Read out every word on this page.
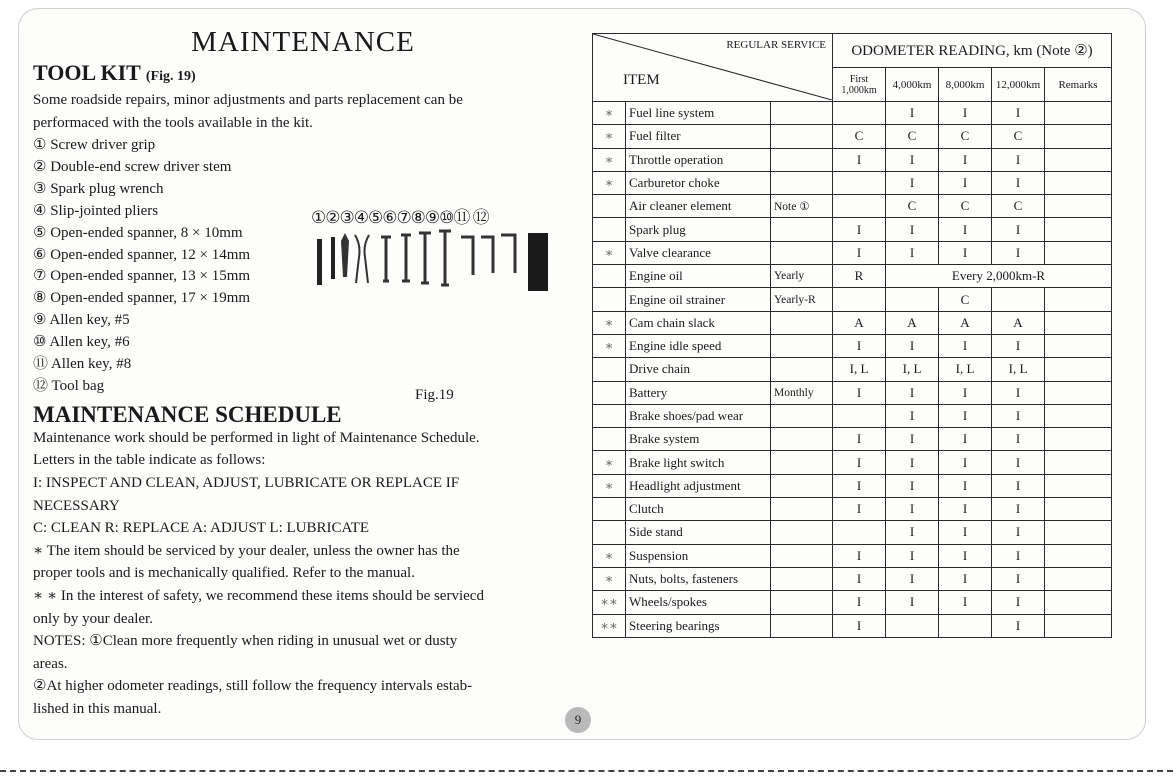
MAINTENANCE
TOOL KIT (Fig. 19)
Some roadside repairs, minor adjustments and parts replacement can be
performaced with the tools available in the kit.
①②③④⑤⑥⑦⑧⑨⑩⑪ ⑫
Fig.19
① Screw driver grip
② Double-end screw driver stem
③ Spark plug wrench
④ Slip-jointed pliers
⑤ Open-ended spanner, 8 × 10mm
⑥ Open-ended spanner, 12 × 14mm
⑦ Open-ended spanner, 13 × 15mm
⑧ Open-ended spanner, 17 × 19mm
⑨ Allen key, #5
⑩ Allen key, #6
⑪ Allen key, #8
⑫ Tool bag
MAINTENANCE SCHEDULE
Maintenance work should be performed in light of Maintenance Schedule.
Letters in the table indicate as follows:
I: INSPECT AND CLEAN, ADJUST, LUBRICATE OR REPLACE IF
NECESSARY
C: CLEAN R: REPLACE A: ADJUST L: LUBRICATE
∗ The item should be serviced by your dealer, unless the owner has the
proper tools and is mechanically qualified. Refer to the manual.
∗ ∗ In the interest of safety, we recommend these items should be serviecd
only by your dealer.
NOTES: ①Clean more frequently when riding in unusual wet or dusty
areas.
②At higher odometer readings, still follow the frequency intervals estab-
lished in this manual.
REGULAR SERVICE
ITEM			ODOMETER READING, km (Note ②)				
			First 1,000km	4,000km	8,000km	12,000km	Remarks
∗	Fuel line system			I	I	I	
∗	Fuel filter		C	C	C	C	
∗	Throttle operation		I	I	I	I	
∗	Carburetor choke			I	I	I	
	Air cleaner element	Note ①		C	C	C	
	Spark plug		I	I	I	I	
∗	Valve clearance		I	I	I	I	
	Engine oil	Yearly	R	Every 2,000km-R			
	Engine oil strainer	Yearly-R			C		
∗	Cam chain slack		A	A	A	A	
∗	Engine idle speed		I	I	I	I	
	Drive chain		I, L	I, L	I, L	I, L	
	Battery	Monthly	I	I	I	I	
	Brake shoes/pad wear			I	I	I	
	Brake system		I	I	I	I	
∗	Brake light switch		I	I	I	I	
∗	Headlight adjustment		I	I	I	I	
	Clutch		I	I	I	I	
	Side stand			I	I	I	
∗	Suspension		I	I	I	I	
∗	Nuts, bolts, fasteners		I	I	I	I	
∗∗	Wheels/spokes		I	I	I	I	
∗∗	Steering bearings		I			I	
9
